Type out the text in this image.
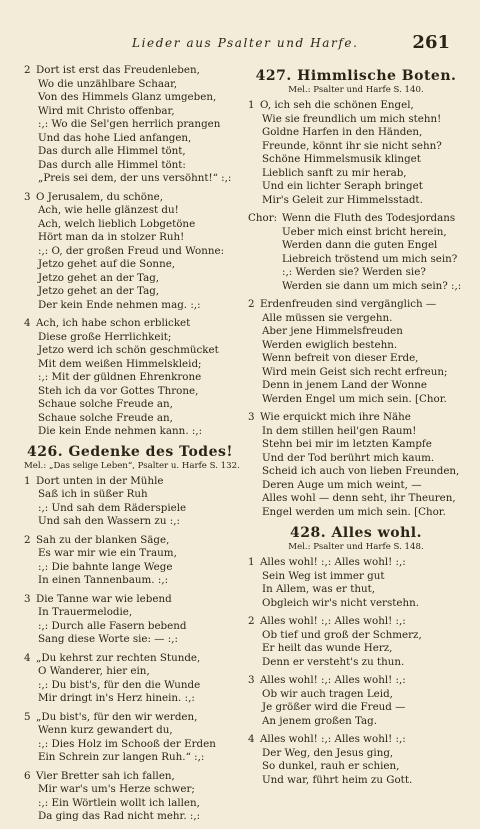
Lieder aus Psalter und Harfe.	261
2 Dort ist erst das Freudenleben,
Wo die unzählbare Schaar,
Von des Himmels Glanz umgeben,
Wird mit Christo offenbar,
:,: Wo die Sel'gen herrlich prangen
Und das hohe Lied anfangen,
Das durch alle Himmel tönt,
Das durch alle Himmel tönt:
„Preis sei dem, der uns versöhnt!“ :,:
3 O Jerusalem, du schöne,
Ach, wie helle glänzest du!
Ach, welch lieblich Lobgetöne
Hört man da in stolzer Ruh!
:,: O, der großen Freud und Wonne:
Jetzo gehet auf die Sonne,
Jetzo gehet an der Tag,
Jetzo gehet an der Tag,
Der kein Ende nehmen mag. :,:
4 Ach, ich habe schon erblicket
Diese große Herrlichkeit;
Jetzo werd ich schön geschmücket
Mit dem weißen Himmelskleid;
:,: Mit der güldnen Ehrenkrone
Steh ich da vor Gottes Throne,
Schaue solche Freude an,
Schaue solche Freude an,
Die kein Ende nehmen kann. :,:
426. Gedenke des Todes!
Mel.: „Das selige Leben“, Psalter u. Harfe S. 132.
1 Dort unten in der Mühle
Saß ich in süßer Ruh
:,: Und sah dem Räderspiele
Und sah den Wassern zu :,:
2 Sah zu der blanken Säge,
Es war mir wie ein Traum,
:,: Die bahnte lange Wege
In einen Tannenbaum. :,:
3 Die Tanne war wie lebend
In Trauermelodie,
:,: Durch alle Fasern bebend
Sang diese Worte sie: — :,:
4 „Du kehrst zur rechten Stunde,
O Wanderer, hier ein,
:,: Du bist's, für den die Wunde
Mir dringt in's Herz hinein. :,:
5 „Du bist's, für den wir werden,
Wenn kurz gewandert du,
:,: Dies Holz im Schooß der Erden
Ein Schrein zur langen Ruh.“ :,:
6 Vier Bretter sah ich fallen,
Mir war's um's Herze schwer;
:,: Ein Wörtlein wollt ich lallen,
Da ging das Rad nicht mehr. :,:
427. Himmlische Boten.
Mel.: Psalter und Harfe S. 140.
1 O, ich seh die schönen Engel,
Wie sie freundlich um mich stehn!
Goldne Harfen in den Händen,
Freunde, könnt ihr sie nicht sehn?
Schöne Himmelsmusik klinget
Lieblich sanft zu mir herab,
Und ein lichter Seraph bringet
Mir's Geleit zur Himmelsstadt.
Chor: Wenn die Fluth des Todesjordans
Ueber mich einst bricht herein,
Werden dann die guten Engel
Liebreich tröstend um mich sein?
:,: Werden sie? Werden sie?
Werden sie dann um mich sein? :,:
2 Erdenfreuden sind vergänglich —
Alle müssen sie vergehn.
Aber jene Himmelsfreuden
Werden ewiglich bestehn.
Wenn befreit von dieser Erde,
Wird mein Geist sich recht erfreun;
Denn in jenem Land der Wonne
Werden Engel um mich sein. [Chor.
3 Wie erquickt mich ihre Nähe
In dem stillen heil'gen Raum!
Stehn bei mir im letzten Kampfe
Und der Tod berührt mich kaum.
Scheid ich auch von lieben Freunden,
Deren Auge um mich weint, —
Alles wohl — denn seht, ihr Theuren,
Engel werden um mich sein. [Chor.
428. Alles wohl.
Mel.: Psalter und Harfe S. 148.
1 Alles wohl! :,: Alles wohl! :,:
Sein Weg ist immer gut
In Allem, was er thut,
Obgleich wir's nicht verstehn.
2 Alles wohl! :,: Alles wohl! :,:
Ob tief und groß der Schmerz,
Er heilt das wunde Herz,
Denn er versteht's zu thun.
3 Alles wohl! :,: Alles wohl! :,:
Ob wir auch tragen Leid,
Je größer wird die Freud —
An jenem großen Tag.
4 Alles wohl! :,: Alles wohl! :,:
Der Weg, den Jesus ging,
So dunkel, rauh er schien,
Und war, führt heim zu Gott.
